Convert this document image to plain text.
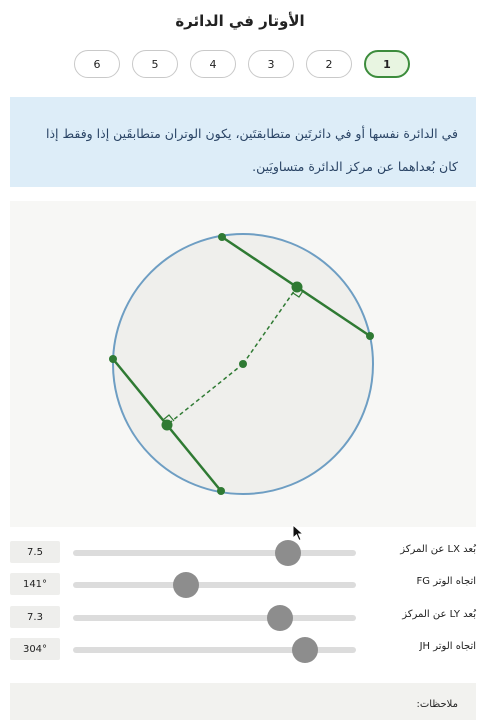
الأوتار في الدائرة
6	5	4	3	2	1
في الدائرة نفسها أو في دائرتَين متطابقتَين، يكون الوتران متطابقَين إذا وفقط إذا كان بُعداهما عن مركز الدائرة متساويَين.
7.5	بُعد LX عن المركز
141°	اتجاه الوتر FG
7.3	بُعد LY عن المركز
304°	اتجاه الوتر JH
ملاحظات:
